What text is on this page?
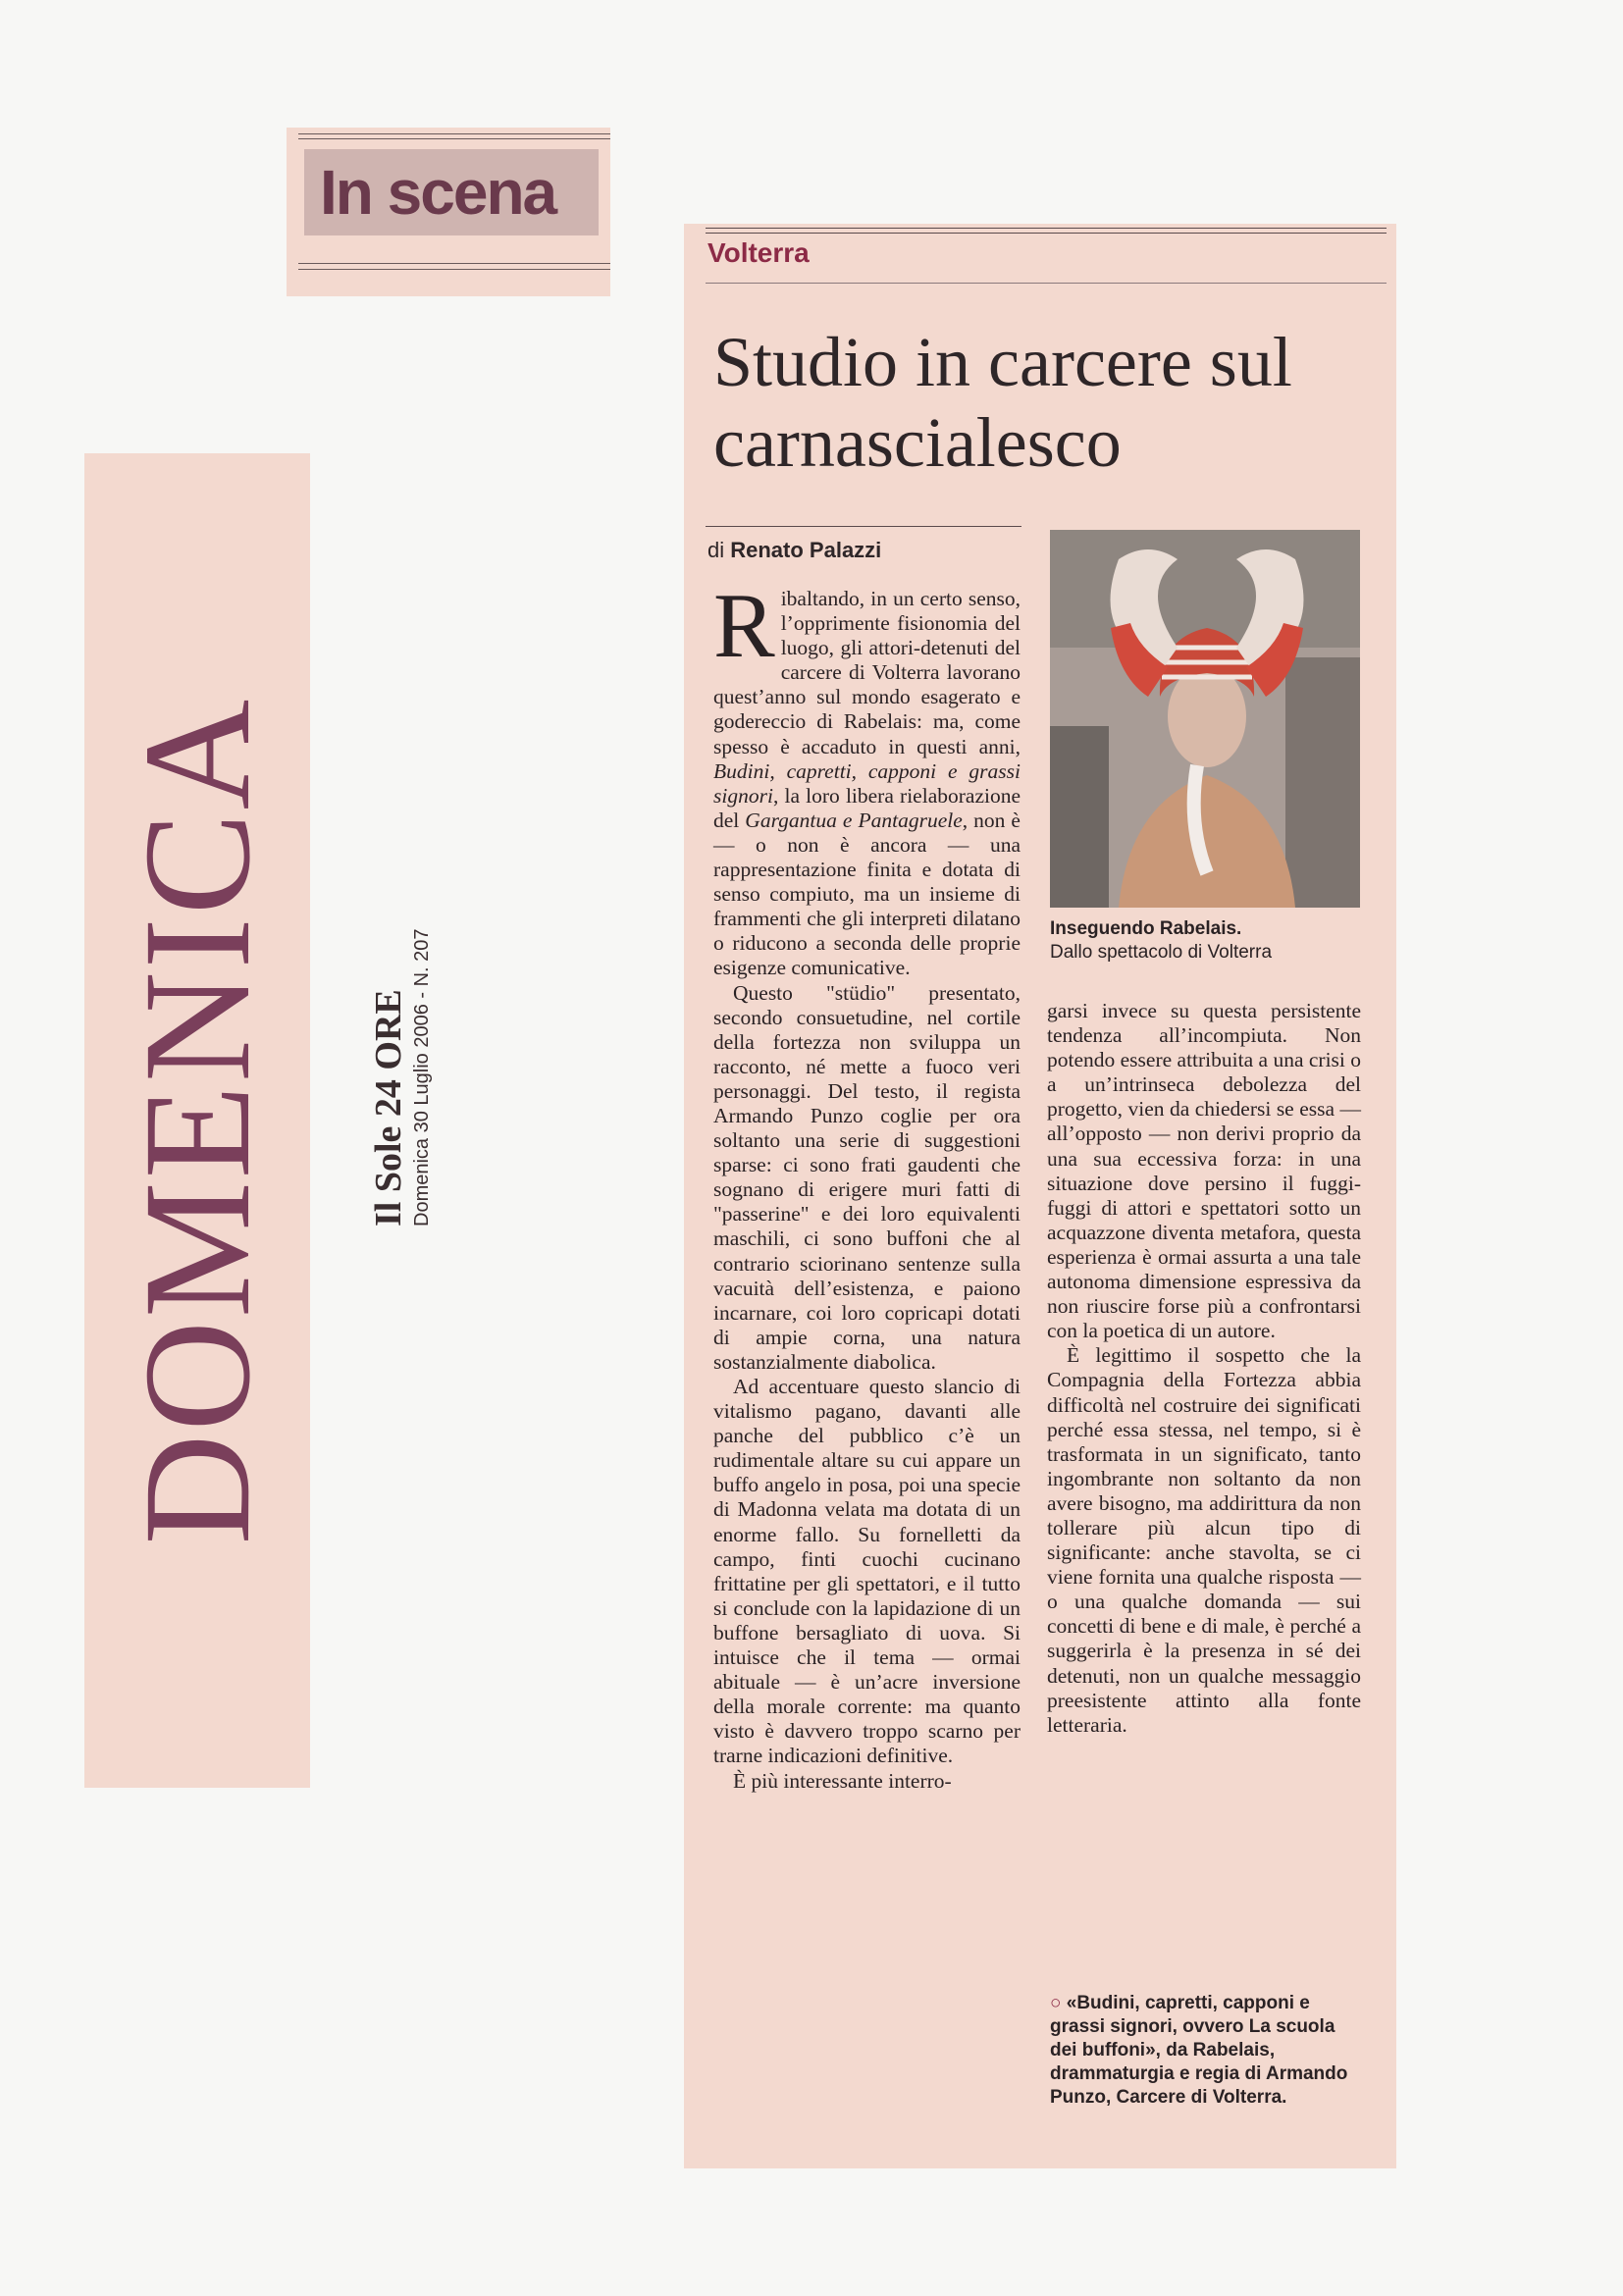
In scena
DOMENICA Il Sole 24 ORE Domenica 30 Luglio 2006 - N. 207
Volterra
Studio in carcere sul carnascialesco
di Renato Palazzi

Ribaltando, in un certo senso, l’opprimente fisionomia del luogo, gli attori-detenuti del carcere di Volterra lavorano quest’anno sul mondo esagerato e godereccio di Rabelais: ma, come spesso è accaduto in questi anni, Budini, capretti, capponi e grassi signori, la loro libera rielaborazione del Gargantua e Pantagruele, non è — o non è ancora — una rappresentazione finita e dotata di senso compiuto, ma un insieme di frammenti che gli interpreti dilatano o riducono a seconda delle proprie esigenze comunicative.

Questo "stüdio" presentato, secondo consuetudine, nel cortile della fortezza non sviluppa un racconto, né mette a fuoco veri personaggi. Del testo, il regista Armando Punzo coglie per ora soltanto una serie di suggestioni sparse: ci sono frati gaudenti che sognano di erigere muri fatti di "passerine" e dei loro equivalenti maschili, ci sono buffoni che al contrario sciorinano sentenze sulla vacuità dell’esistenza, e paiono incarnare, coi loro copricapi dotati di ampie corna, una natura sostanzialmente diabolica.

Ad accentuare questo slancio di vitalismo pagano, davanti alle panche del pubblico c’è un rudimentale altare su cui appare un buffo angelo in posa, poi una specie di Madonna velata ma dotata di un enorme fallo. Su fornelletti da campo, finti cuochi cucinano frittatine per gli spettatori, e il tutto si conclude con la lapidazione di un buffone bersagliato di uova. Si intuisce che il tema — ormai abituale — è un’acre inversione della morale corrente: ma quanto visto è davvero troppo scarno per trarne indicazioni definitive.

È più interessante interro-

Inseguendo Rabelais.
Dallo spettacolo di Volterra

garsi invece su questa persistente tendenza all’incompiuta. Non potendo essere attribuita a una crisi o a un’intrinseca debolezza del progetto, vien da chiedersi se essa — all’opposto — non derivi proprio da una sua eccessiva forza: in una situazione dove persino il fuggi-fuggi di attori e spettatori sotto un acquazzone diventa metafora, questa esperienza è ormai assurta a una tale autonoma dimensione espressiva da non riuscire forse più a confrontarsi con la poetica di un autore.

È legittimo il sospetto che la Compagnia della Fortezza abbia difficoltà nel costruire dei significati perché essa stessa, nel tempo, si è trasformata in un significato, tanto ingombrante non soltanto da non avere bisogno, ma addirittura da non tollerare più alcun tipo di significante: anche stavolta, se ci viene fornita una qualche risposta — o una qualche domanda — sui concetti di bene e di male, è perché a suggerirla è la presenza in sé dei detenuti, non un qualche messaggio preesistente attinto alla fonte letteraria.

○ «Budini, capretti, capponi e grassi signori, ovvero La scuola dei buffoni», da Rabelais, drammaturgia e regia di Armando Punzo, Carcere di Volterra.
